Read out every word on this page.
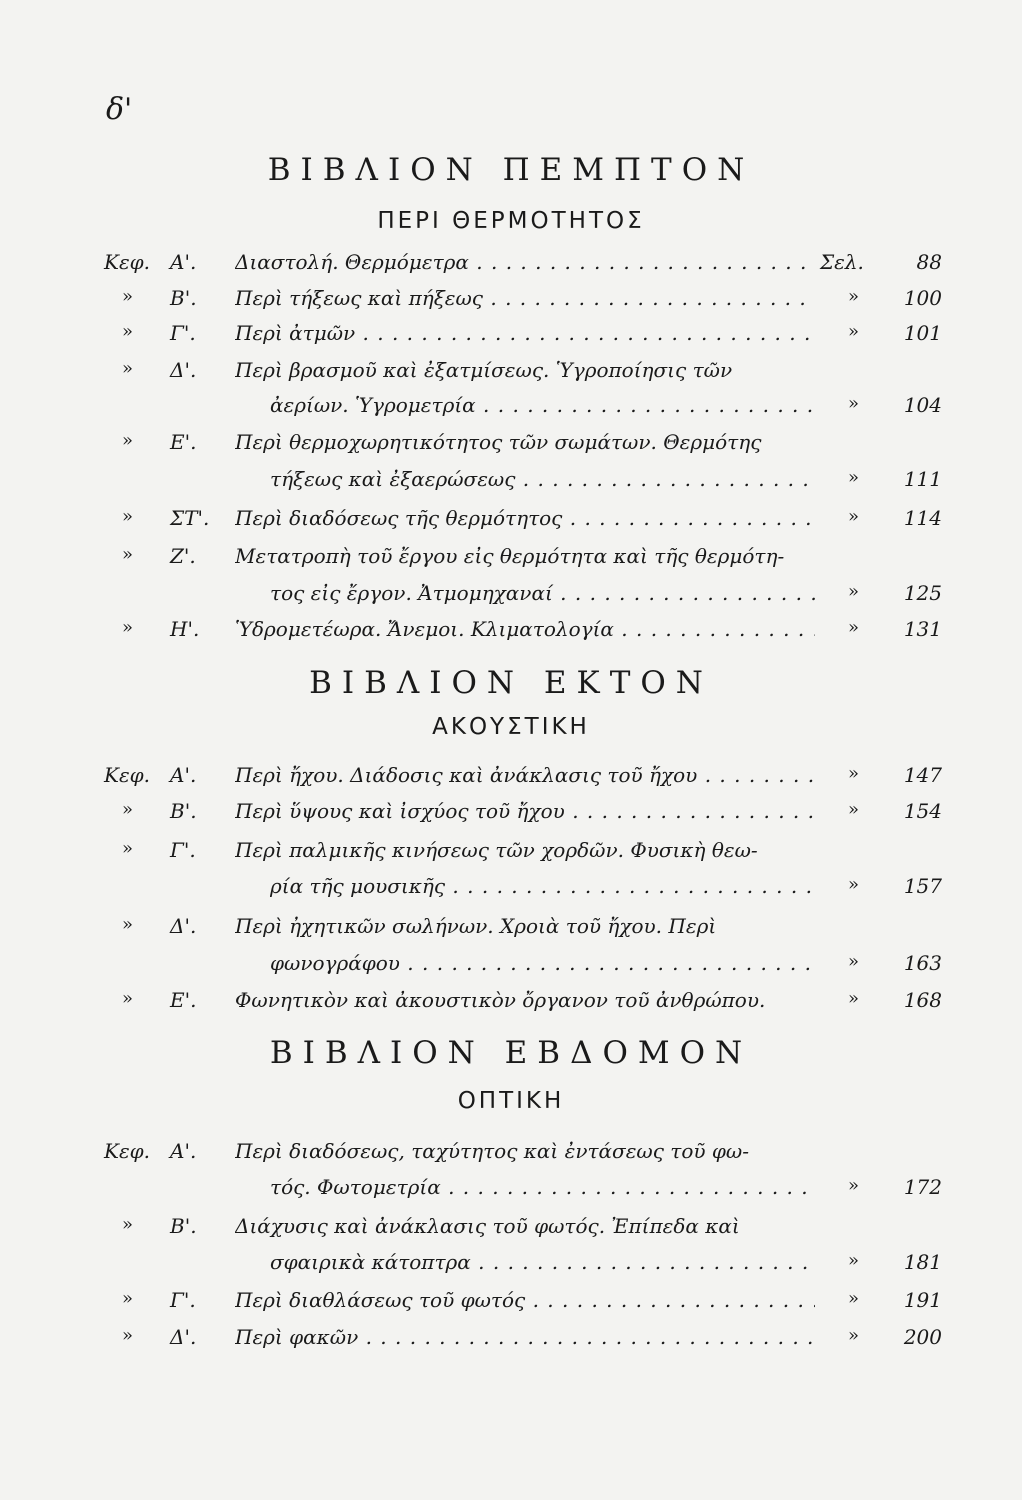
δ'
ΒΙΒΛΙΟΝ ΠΕΜΠΤΟΝ
ΠΕΡΙ ΘΕΡΜΟΤΗΤΟΣ
Κεφ. Α'.	Διαστολή. Θερμόμετρα . . .	Σελ.	88
» Β'.	Περὶ τήξεως καὶ πήξεως . . .	» 100
» Γ'.	Περὶ ἀτμῶν . . .	» 101
» Δ'.	Περὶ βρασμοῦ καὶ ἐξατμίσεως. Ὑγροποίησις τῶν
ἀερίων. Ὑγρομετρία . . .	» 104
» Ε'.	Περὶ θερμοχωρητικότητος τῶν σωμάτων. Θερμότης
τήξεως καὶ ἐξαερώσεως . . .	» 111
» ΣΤ'.	Περὶ διαδόσεως τῆς θερμότητος . . .	» 114
» Ζ'.	Μετατροπὴ τοῦ ἔργου εἰς θερμότητα καὶ τῆς θερμότη-
τος εἰς ἔργον. Ἀτμομηχαναί . . .	» 125
» Η'.	Ὑδρομετέωρα. Ἄνεμοι. Κλιματολογία . . .	» 131
ΒΙΒΛΙΟΝ ΕΚΤΟΝ
ΑΚΟΥΣΤΙΚΗ
Κεφ. Α'.	Περὶ ἤχου. Διάδοσις καὶ ἀνάκλασις τοῦ ἤχου . . .	» 147
» Β'.	Περὶ ὕψους καὶ ἰσχύος τοῦ ἤχου . . .	» 154
» Γ'.	Περὶ παλμικῆς κινήσεως τῶν χορδῶν. Φυσικὴ θεω-
ρία τῆς μουσικῆς . . .	» 157
» Δ'.	Περὶ ἠχητικῶν σωλήνων. Χροιὰ τοῦ ἤχου. Περὶ
φωνογράφου . . .	» 163
» Ε'.	Φωνητικὸν καὶ ἀκουστικὸν ὄργανον τοῦ ἀνθρώπου.	» 168
ΒΙΒΛΙΟΝ ΕΒΔΟΜΟΝ
ΟΠΤΙΚΗ
Κεφ. Α'.	Περὶ διαδόσεως, ταχύτητος καὶ ἐντάσεως τοῦ φω-
τός. Φωτομετρία . . .	» 172
» Β'.	Διάχυσις καὶ ἀνάκλασις τοῦ φωτός. Ἐπίπεδα καὶ
σφαιρικὰ κάτοπτρα . . .	» 181
» Γ'.	Περὶ διαθλάσεως τοῦ φωτός . . .	» 191
» Δ'.	Περὶ φακῶν . . .	» 200
